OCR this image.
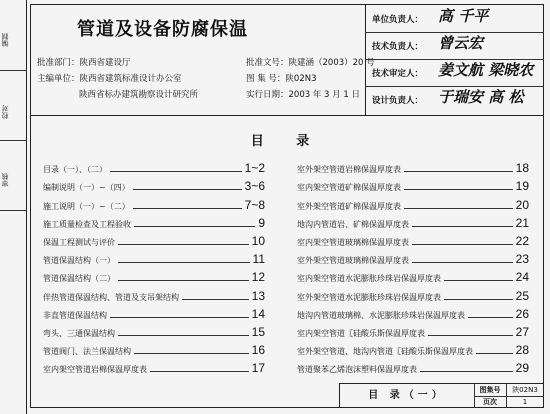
编制
校对
审核
管道及设备防腐保温
批准部门：陕西省建设厅
主编单位：陕西省建筑标准设计办公室
陕西省标办建筑勘察设计研究所
批准文号：陕建涵（2003）20 号
图 集 号：陕02N3
实行日期：2003 年 3 月 1 日
单位负责人： 高 千平
技术负责人： 曾云宏
技术审定人： 姜文航 梁晓农
设计负责人： 于瑞安 高 松
目 录
目录（一）、（二）	1~2
编制说明（一）~（四）	3~6
施工说明（一）~（二）	7~8
施工质量检查及工程验收	9
保温工程测试与评价	10
管道保温结构（一）	11
管道保温结构（二）	12
伴热管道保温结构、管道及支吊架结构	13
非直管道保温结构	14
弯头、三通保温结构	15
管道阀门、法兰保温结构	16
室内架空管道岩棉保温厚度表	17
室外架空管道岩棉保温厚度表	18
室内架空管道矿棉保温厚度表	19
室外架空管道矿棉保温厚度表	20
地沟内管道岩、矿棉保温厚度表	21
室内架空管道玻璃棉保温厚度表	22
室外架空管道玻璃棉保温厚度表	23
室内架空管道水泥膨胀珍珠岩保温厚度表	24
室外架空管道水泥膨胀珍珠岩保温厚度表	25
地沟内管道玻璃棉、水泥膨胀珍珠岩保温厚度表	26
室内架空管道〖硅酸乐斯保温厚度表	27
室外架空管道、地沟内管道〖硅酸乐斯保温厚度表	28
管道聚苯乙烯泡沫塑料保温厚度表	29
目 录（一）	图集号	陕02N3
页次	1
